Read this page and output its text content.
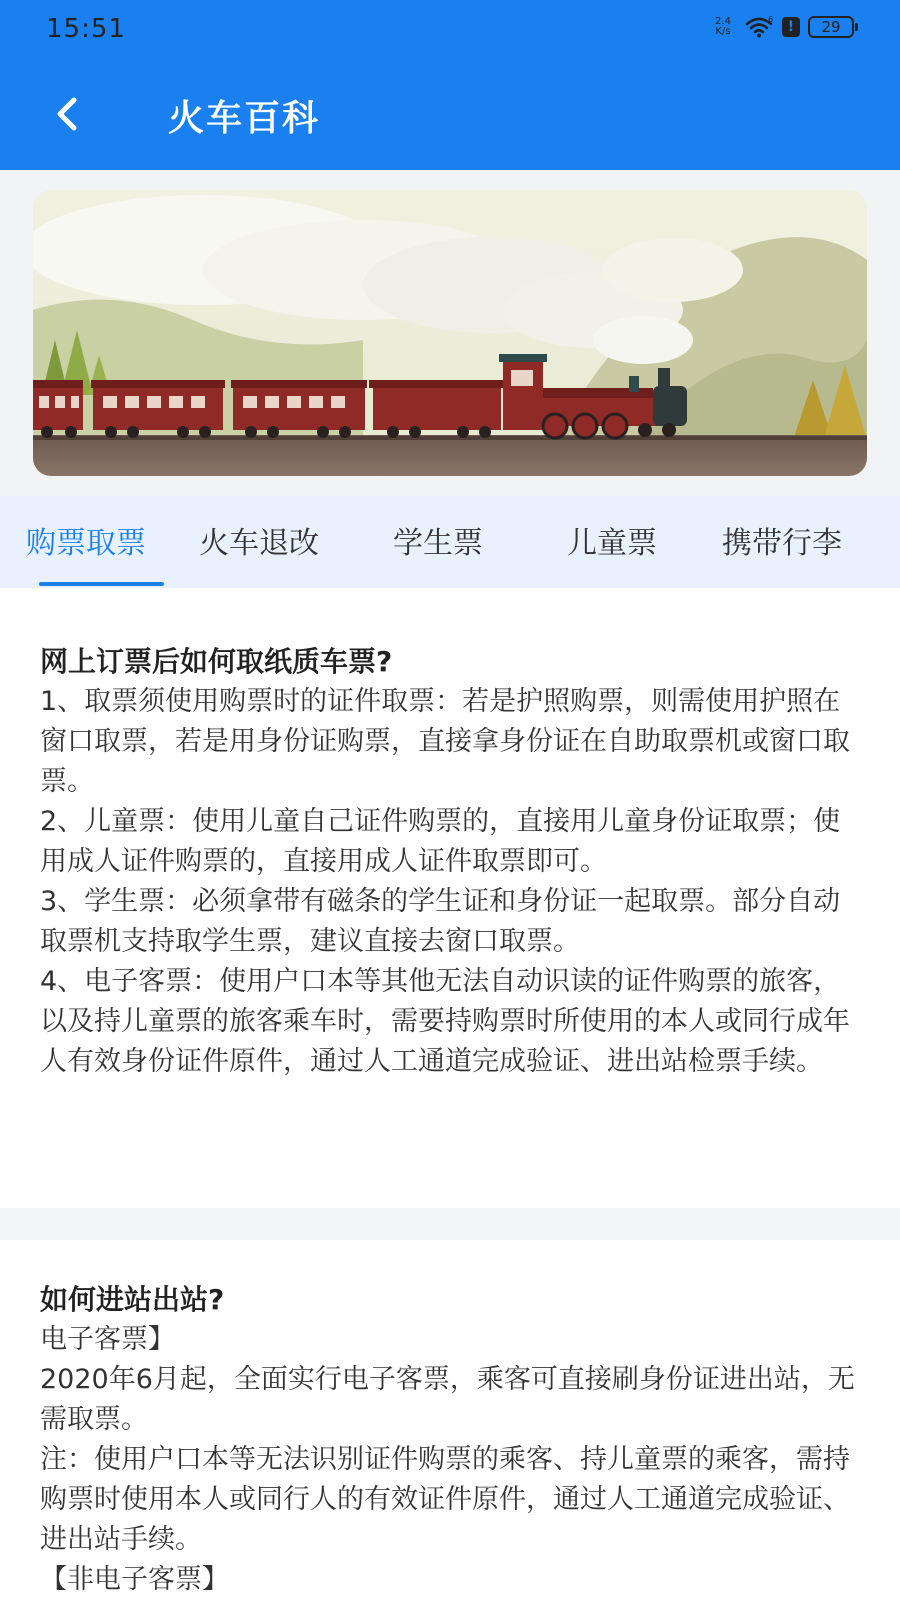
15:51	2.4
K/s
6	!	29
火车百科
购票取票 火车退改 学生票	儿童票 携带行李
网上订票后如何取纸质车票?

1、取票须使用购票时的证件取票：若是护照购票，则需使用护照在窗口取票，若是用身份证购票，直接拿身份证在自助取票机或窗口取票。

2、儿童票：使用儿童自己证件购票的，直接用儿童身份证取票；使用成人证件购票的，直接用成人证件取票即可。

3、学生票：必须拿带有磁条的学生证和身份证一起取票。部分自动取票机支持取学生票，建议直接去窗口取票。

4、电子客票：使用户口本等其他无法自动识读的证件购票的旅客，以及持儿童票的旅客乘车时，需要持购票时所使用的本人或同行成年人有效身份证件原件，通过人工通道完成验证、进出站检票手续。

如何进站出站?

电子客票】

2020年6月起，全面实行电子客票，乘客可直接刷身份证进出站，无需取票。

注：使用户口本等无法识别证件购票的乘客、持儿童票的乘客，需持购票时使用本人或同行人的有效证件原件，通过人工通道完成验证、进出站手续。

【非电子客票】
